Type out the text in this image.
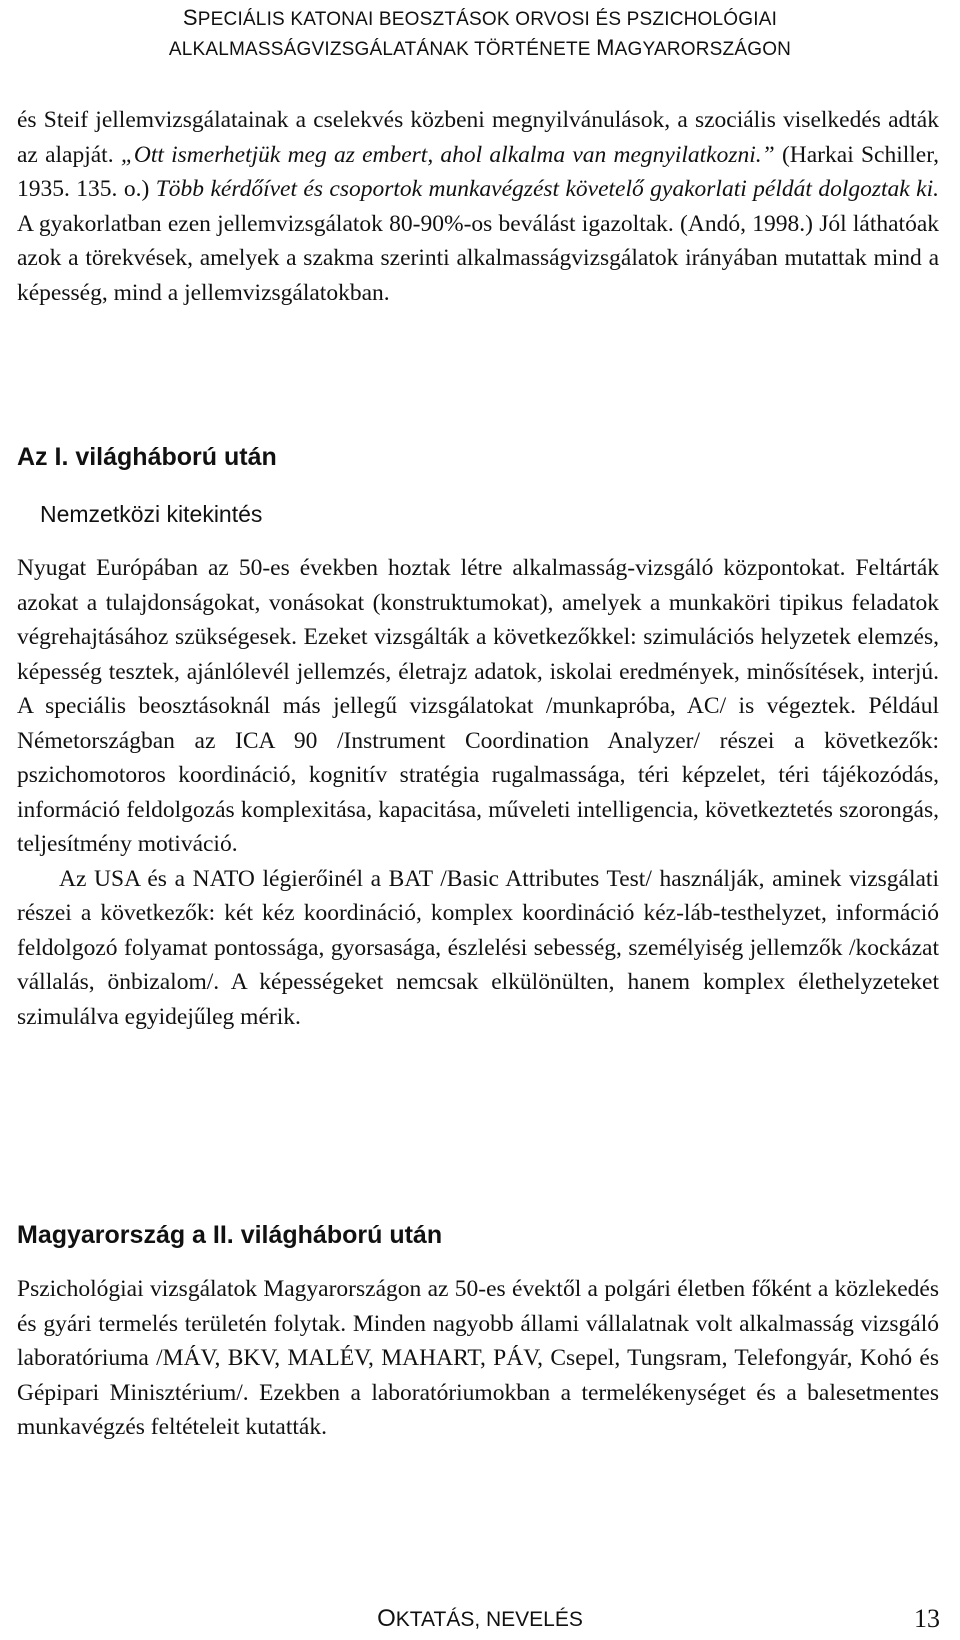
SPECIÁLIS KATONAI BEOSZTÁSOK ORVOSI ÉS PSZICHOLÓGIAI
ALKALMASSÁGVIZSGÁLATÁNAK TÖRTÉNETE MAGYARORSZÁGON

és Steif jellemvizsgálatainak a cselekvés közbeni megnyilvánulások, a szociális viselkedés adták az alapját. „Ott ismerhetjük meg az embert, ahol alkalma van megnyilatkozni.” (Harkai Schiller, 1935. 135. o.) Több kérdőívet és csoportok munkavégzést követelő gyakorlati példát dolgoztak ki. A gyakorlatban ezen jellemvizsgálatok 80-90%-os beválást igazoltak. (Andó, 1998.) Jól láthatóak azok a törekvések, amelyek a szakma szerinti alkalmasságvizsgálatok irányában mutattak mind a képesség, mind a jellemvizsgálatokban.

Az I. világháború után
Nemzetközi kitekintés

Nyugat Európában az 50-es években hoztak létre alkalmasság-vizsgáló központokat. Feltárták azokat a tulajdonságokat, vonásokat (konstruktumokat), amelyek a munkaköri tipikus feladatok végrehajtásához szükségesek. Ezeket vizsgálták a következőkkel: szimulációs helyzetek elemzés, képesség tesztek, ajánlólevél jellemzés, életrajz adatok, iskolai eredmények, minősítések, interjú. A speciális beosztásoknál más jellegű vizsgálatokat /munkapróba, AC/ is végeztek. Például Németországban az ICA 90 /Instrument Coordination Analyzer/ részei a következők: pszichomotoros koordináció, kognitív stratégia rugalmassága, téri képzelet, téri tájékozódás, információ feldolgozás komplexitása, kapacitása, műveleti intelligencia, következtetés szorongás, teljesítmény motiváció.

Az USA és a NATO légierőinél a BAT /Basic Attributes Test/ használják, aminek vizsgálati részei a következők: két kéz koordináció, komplex koordináció kéz-láb-testhelyzet, információ feldolgozó folyamat pontossága, gyorsasága, észlelési sebesség, személyiség jellemzők /kockázat vállalás, önbizalom/. A képességeket nemcsak elkülönülten, hanem komplex élethelyzeteket szimulálva egyidejűleg mérik.

Magyarország a II. világháború után

Pszichológiai vizsgálatok Magyarországon az 50-es évektől a polgári életben főként a közlekedés és gyári termelés területén folytak. Minden nagyobb állami vállalatnak volt alkalmasság vizsgáló laboratóriuma /MÁV, BKV, MALÉV, MAHART, PÁV, Csepel, Tungsram, Telefongyár, Kohó és Gépipari Minisztérium/. Ezekben a laboratóriumokban a termelékenységet és a balesetmentes munkavégzés feltételeit kutatták.

OKTATÁS, NEVELÉS	13
